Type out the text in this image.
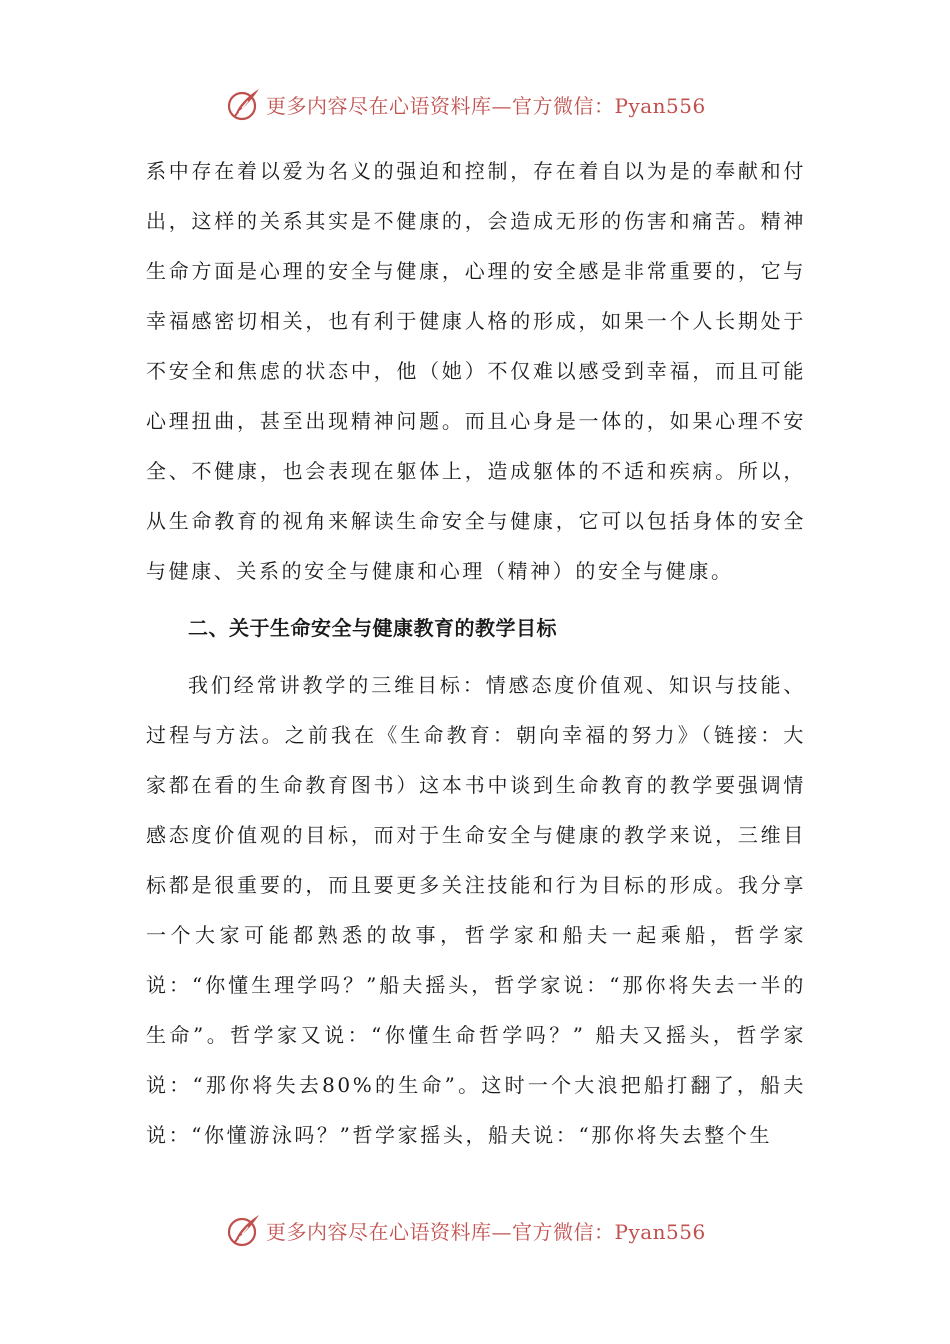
更多内容尽在心语资料库—官方微信：Pyan556

系中存在着以爱为名义的强迫和控制，存在着自以为是的奉献和付出，这样的关系其实是不健康的，会造成无形的伤害和痛苦。精神生命方面是心理的安全与健康，心理的安全感是非常重要的，它与幸福感密切相关，也有利于健康人格的形成，如果一个人长期处于不安全和焦虑的状态中，他（她）不仅难以感受到幸福，而且可能心理扭曲，甚至出现精神问题。而且心身是一体的，如果心理不安全、不健康，也会表现在躯体上，造成躯体的不适和疾病。所以，从生命教育的视角来解读生命安全与健康，它可以包括身体的安全与健康、关系的安全与健康和心理（精神）的安全与健康。

二、关于生命安全与健康教育的教学目标

我们经常讲教学的三维目标：情感态度价值观、知识与技能、过程与方法。之前我在《生命教育：朝向幸福的努力》（链接：大家都在看的生命教育图书）这本书中谈到生命教育的教学要强调情感态度价值观的目标，而对于生命安全与健康的教学来说，三维目标都是很重要的，而且要更多关注技能和行为目标的形成。我分享一个大家可能都熟悉的故事，哲学家和船夫一起乘船，哲学家说：“你懂生理学吗？”船夫摇头，哲学家说：“那你将失去一半的生命”。哲学家又说：“你懂生命哲学吗？” 船夫又摇头，哲学家说：“那你将失去80%的生命”。这时一个大浪把船打翻了，船夫说：“你懂游泳吗？”哲学家摇头，船夫说：“那你将失去整个生

更多内容尽在心语资料库—官方微信：Pyan556
